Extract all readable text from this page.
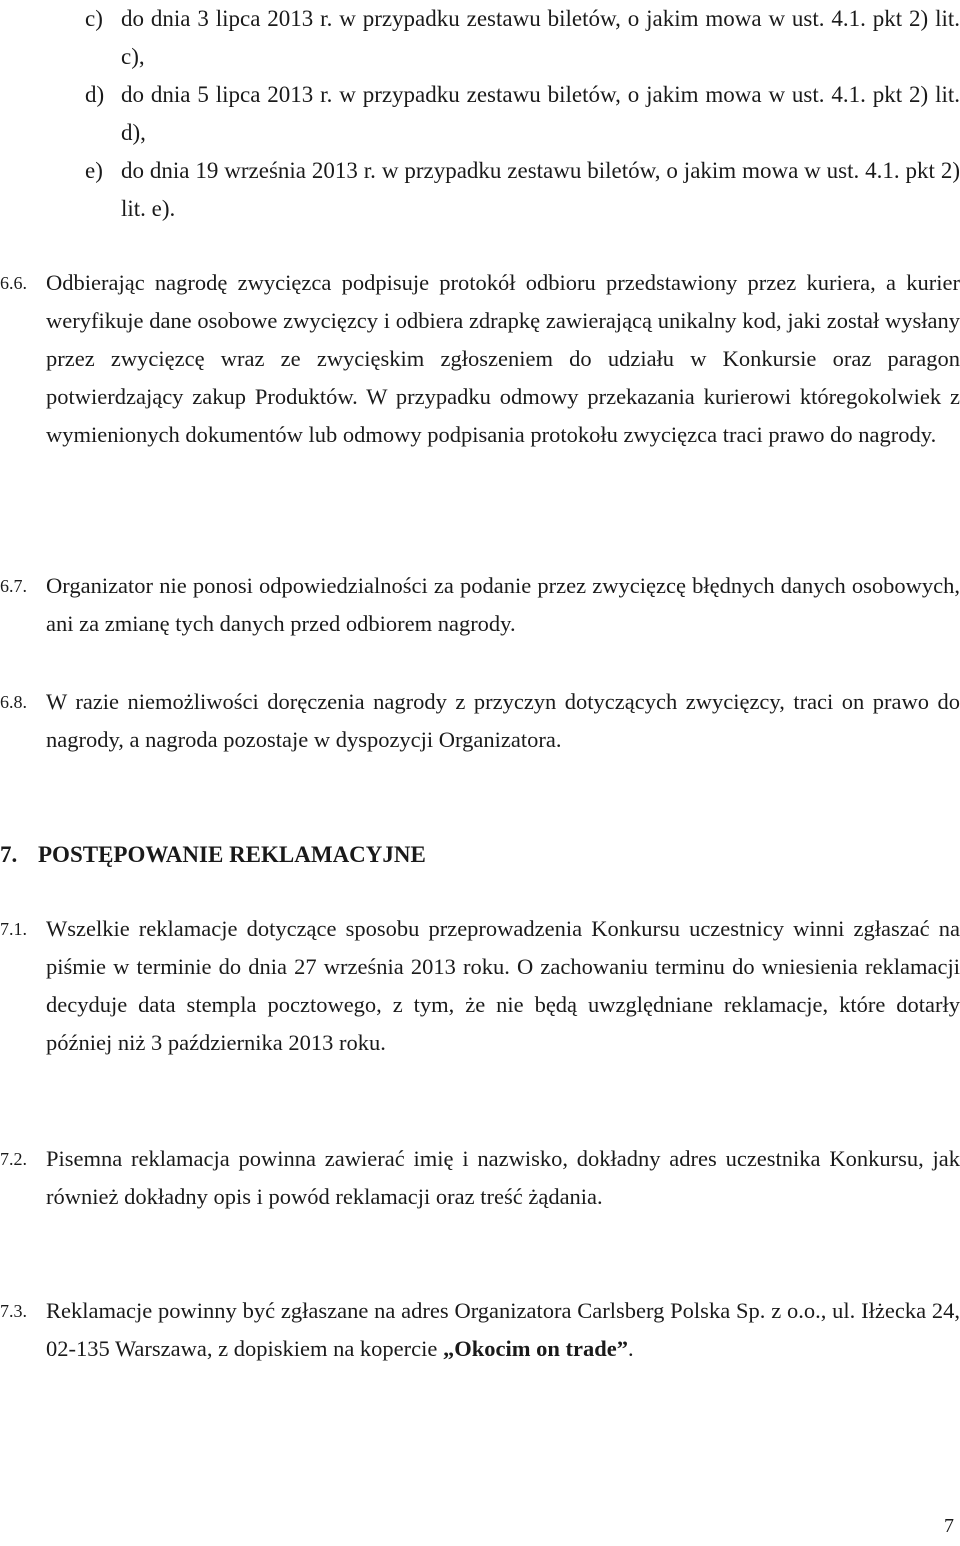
c) do dnia 3 lipca 2013 r. w przypadku zestawu biletów, o jakim mowa w ust. 4.1. pkt 2) lit. c),

d) do dnia 5 lipca 2013 r. w przypadku zestawu biletów, o jakim mowa w ust. 4.1. pkt 2) lit. d),

e) do dnia 19 września 2013 r. w przypadku zestawu biletów, o jakim mowa w ust. 4.1. pkt 2) lit. e).

6.6. Odbierając nagrodę zwycięzca podpisuje protokół odbioru przedstawiony przez kuriera, a kurier weryfikuje dane osobowe zwycięzcy i odbiera zdrapkę zawierającą unikalny kod, jaki został wysłany przez zwycięzcę wraz ze zwycięskim zgłoszeniem do udziału w Konkursie oraz paragon potwierdzający zakup Produktów. W przypadku odmowy przekazania kurierowi któregokolwiek z wymienionych dokumentów lub odmowy podpisania protokołu zwycięzca traci prawo do nagrody.

6.7. Organizator nie ponosi odpowiedzialności za podanie przez zwycięzcę błędnych danych osobowych, ani za zmianę tych danych przed odbiorem nagrody.

6.8. W razie niemożliwości doręczenia nagrody z przyczyn dotyczących zwycięzcy, traci on prawo do nagrody, a nagroda pozostaje w dyspozycji Organizatora.

7. POSTĘPOWANIE REKLAMACYJNE

7.1. Wszelkie reklamacje dotyczące sposobu przeprowadzenia Konkursu uczestnicy winni zgłaszać na piśmie w terminie do dnia 27 września 2013 roku. O zachowaniu terminu do wniesienia reklamacji decyduje data stempla pocztowego, z tym, że nie będą uwzględniane reklamacje, które dotarły później niż 3 października 2013 roku.

7.2. Pisemna reklamacja powinna zawierać imię i nazwisko, dokładny adres uczestnika Konkursu, jak również dokładny opis i powód reklamacji oraz treść żądania.

7.3. Reklamacje powinny być zgłaszane na adres Organizatora Carlsberg Polska Sp. z o.o., ul. Iłżecka 24, 02-135 Warszawa, z dopiskiem na kopercie „Okocim on trade”.

7
